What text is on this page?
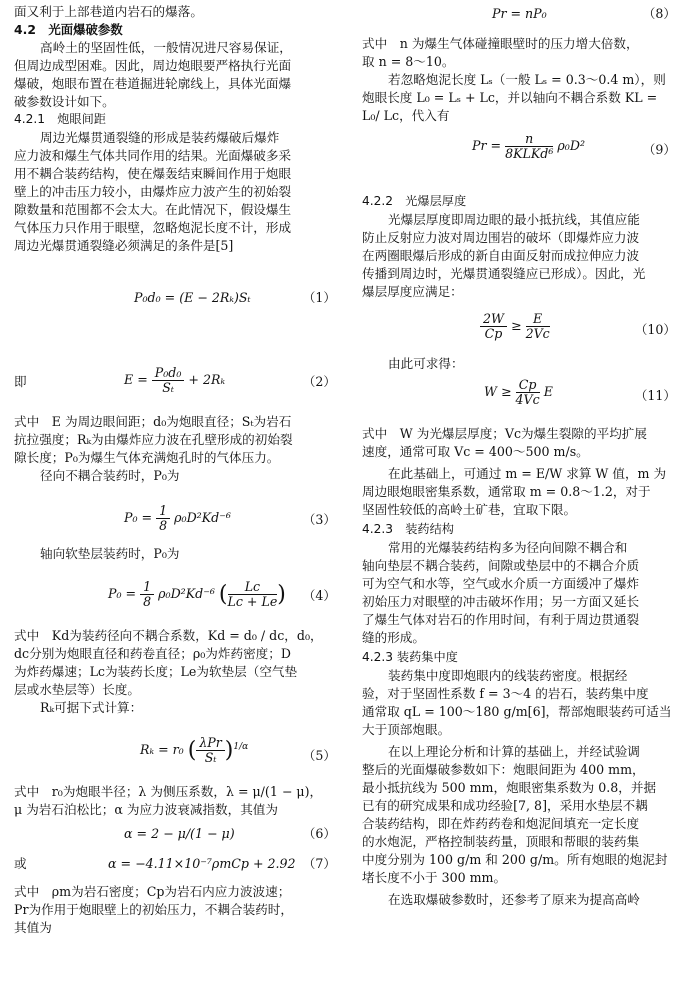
面又利于上部巷道内岩石的爆落。
4.2　光面爆破参数
高岭土的坚固性低，一般情况进尺容易保证，
但周边成型困难。因此，周边炮眼要严格执行光面
爆破，炮眼布置在巷道掘进轮廓线上，具体光面爆
破参数设计如下。
4.2.1　炮眼间距
周边光爆贯通裂缝的形成是装药爆破后爆炸
应力波和爆生气体共同作用的结果。光面爆破多采
用不耦合装药结构，使在爆轰结束瞬间作用于炮眼
壁上的冲击压力较小，由爆炸应力波产生的初始裂
隙数量和范围都不会太大。在此情况下，假设爆生
气体压力只作用于眼壁，忽略炮泥长度不计，形成
周边光爆贯通裂缝必须满足的条件是[5]
P₀d₀ = (E − 2Rₖ)Sₜ	（1）
即	$E = \frac{\text{P₀d₀}}{\text{Sₜ}} + 2R_k$	（2）
式中　E 为周边眼间距；d₀为炮眼直径；Sₜ为岩石
抗拉强度；Rₖ为由爆炸应力波在孔壁形成的初始裂
隙长度；P₀为爆生气体充满炮孔时的气体压力。
径向不耦合装药时，P₀为
$P_0 = \frac{1}{8} \rho_0D^2Kd^{-6}$	（3）
轴向软垫层装药时，P₀为
$P_0 = \frac{1}{8} \rho_0D^2Kd^{-6}$ ( $\frac{Lc}{Lc + Le}$ ) （4）
式中　Kd为装药径向不耦合系数，Kd = d₀ / dc，d₀，
dc分别为炮眼直径和药卷直径；ρ₀为炸药密度；D
为炸药爆速；Lc为装药长度；Le为软垫层（空气垫
层或水垫层等）长度。
Rₖ可据下式计算：
Rₖ = r₀ ( $\frac{\text{λPr}}{\text{Sₜ}} )^{1/\alpha}$
（5）
式中　r₀为炮眼半径；λ 为侧压系数，λ = μ/(1 − μ)，
μ 为岩石泊松比；α 为应力波衰减指数，其值为
α = 2 − μ/(1 − μ)	（6）
或	α = −4.11×10⁻⁷ρmCp + 2.92 （7）
式中　ρm为岩石密度；Cp为岩石内应力波波速；
Pr为作用于炮眼壁上的初始压力，不耦合装药时，
其值为
Pr = nP₀	（8）
式中　n 为爆生气体碰撞眼壁时的压力增大倍数，
取 n = 8～10。
若忽略炮泥长度 Lₛ（一般 Lₛ = 0.3～0.4 m），则
炮眼长度 L₀ = Lₛ + Lc，并以轴向不耦合系数 KL =
L₀/ Lc，代入有
$Pr = \frac{n}{\text{8KLKd⁶}} \rho_0D^2$	（9）
4.2.2　光爆层厚度
光爆层厚度即周边眼的最小抵抗线，其值应能
防止反射应力波对周边围岩的破坏（即爆炸应力波
在两圈眼爆后形成的新自由面反射而成拉伸应力波
传播到周边时，光爆贯通裂缝应已形成）。因此，光
爆层厚度应满足：
$\frac{2W}{Cp} \ge \frac{E}{2Vc}$	（10）
由此可求得：
$W \ge \frac{Cp}{4Vc}$ E	（11）
式中　W 为光爆层厚度；Vc为爆生裂隙的平均扩展
速度，通常可取 Vc = 400～500 m/s。
在此基础上，可通过 m = E/W 求算 W 值，m 为
周边眼炮眼密集系数，通常取 m = 0.8～1.2，对于
坚固性较低的高岭土矿巷，宜取下限。
4.2.3　装药结构
常用的光爆装药结构多为径向间隙不耦合和
轴向垫层不耦合装药，间隙或垫层中的不耦合介质
可为空气和水等，空气或水介质一方面缓冲了爆炸
初始压力对眼壁的冲击破坏作用；另一方面又延长
了爆生气体对岩石的作用时间，有利于周边贯通裂
缝的形成。
4.2.3 装药集中度
装药集中度即炮眼内的线装药密度。根据经
验，对于坚固性系数 f = 3～4 的岩石，装药集中度
通常取 qL = 100～180 g/m[6]，帮部炮眼装药可适当
大于顶部炮眼。
在以上理论分析和计算的基础上，并经试验调
整后的光面爆破参数如下：炮眼间距为 400 mm，
最小抵抗线为 500 mm，炮眼密集系数为 0.8，并据
已有的研究成果和成功经验[7, 8]，采用水垫层不耦
合装药结构，即在炸药药卷和炮泥间填充一定长度
的水炮泥，严格控制装药量，顶眼和帮眼的装药集
中度分别为 100 g/m 和 200 g/m。所有炮眼的炮泥封
堵长度不小于 300 mm。
在选取爆破参数时，还参考了原来为提高高岭
